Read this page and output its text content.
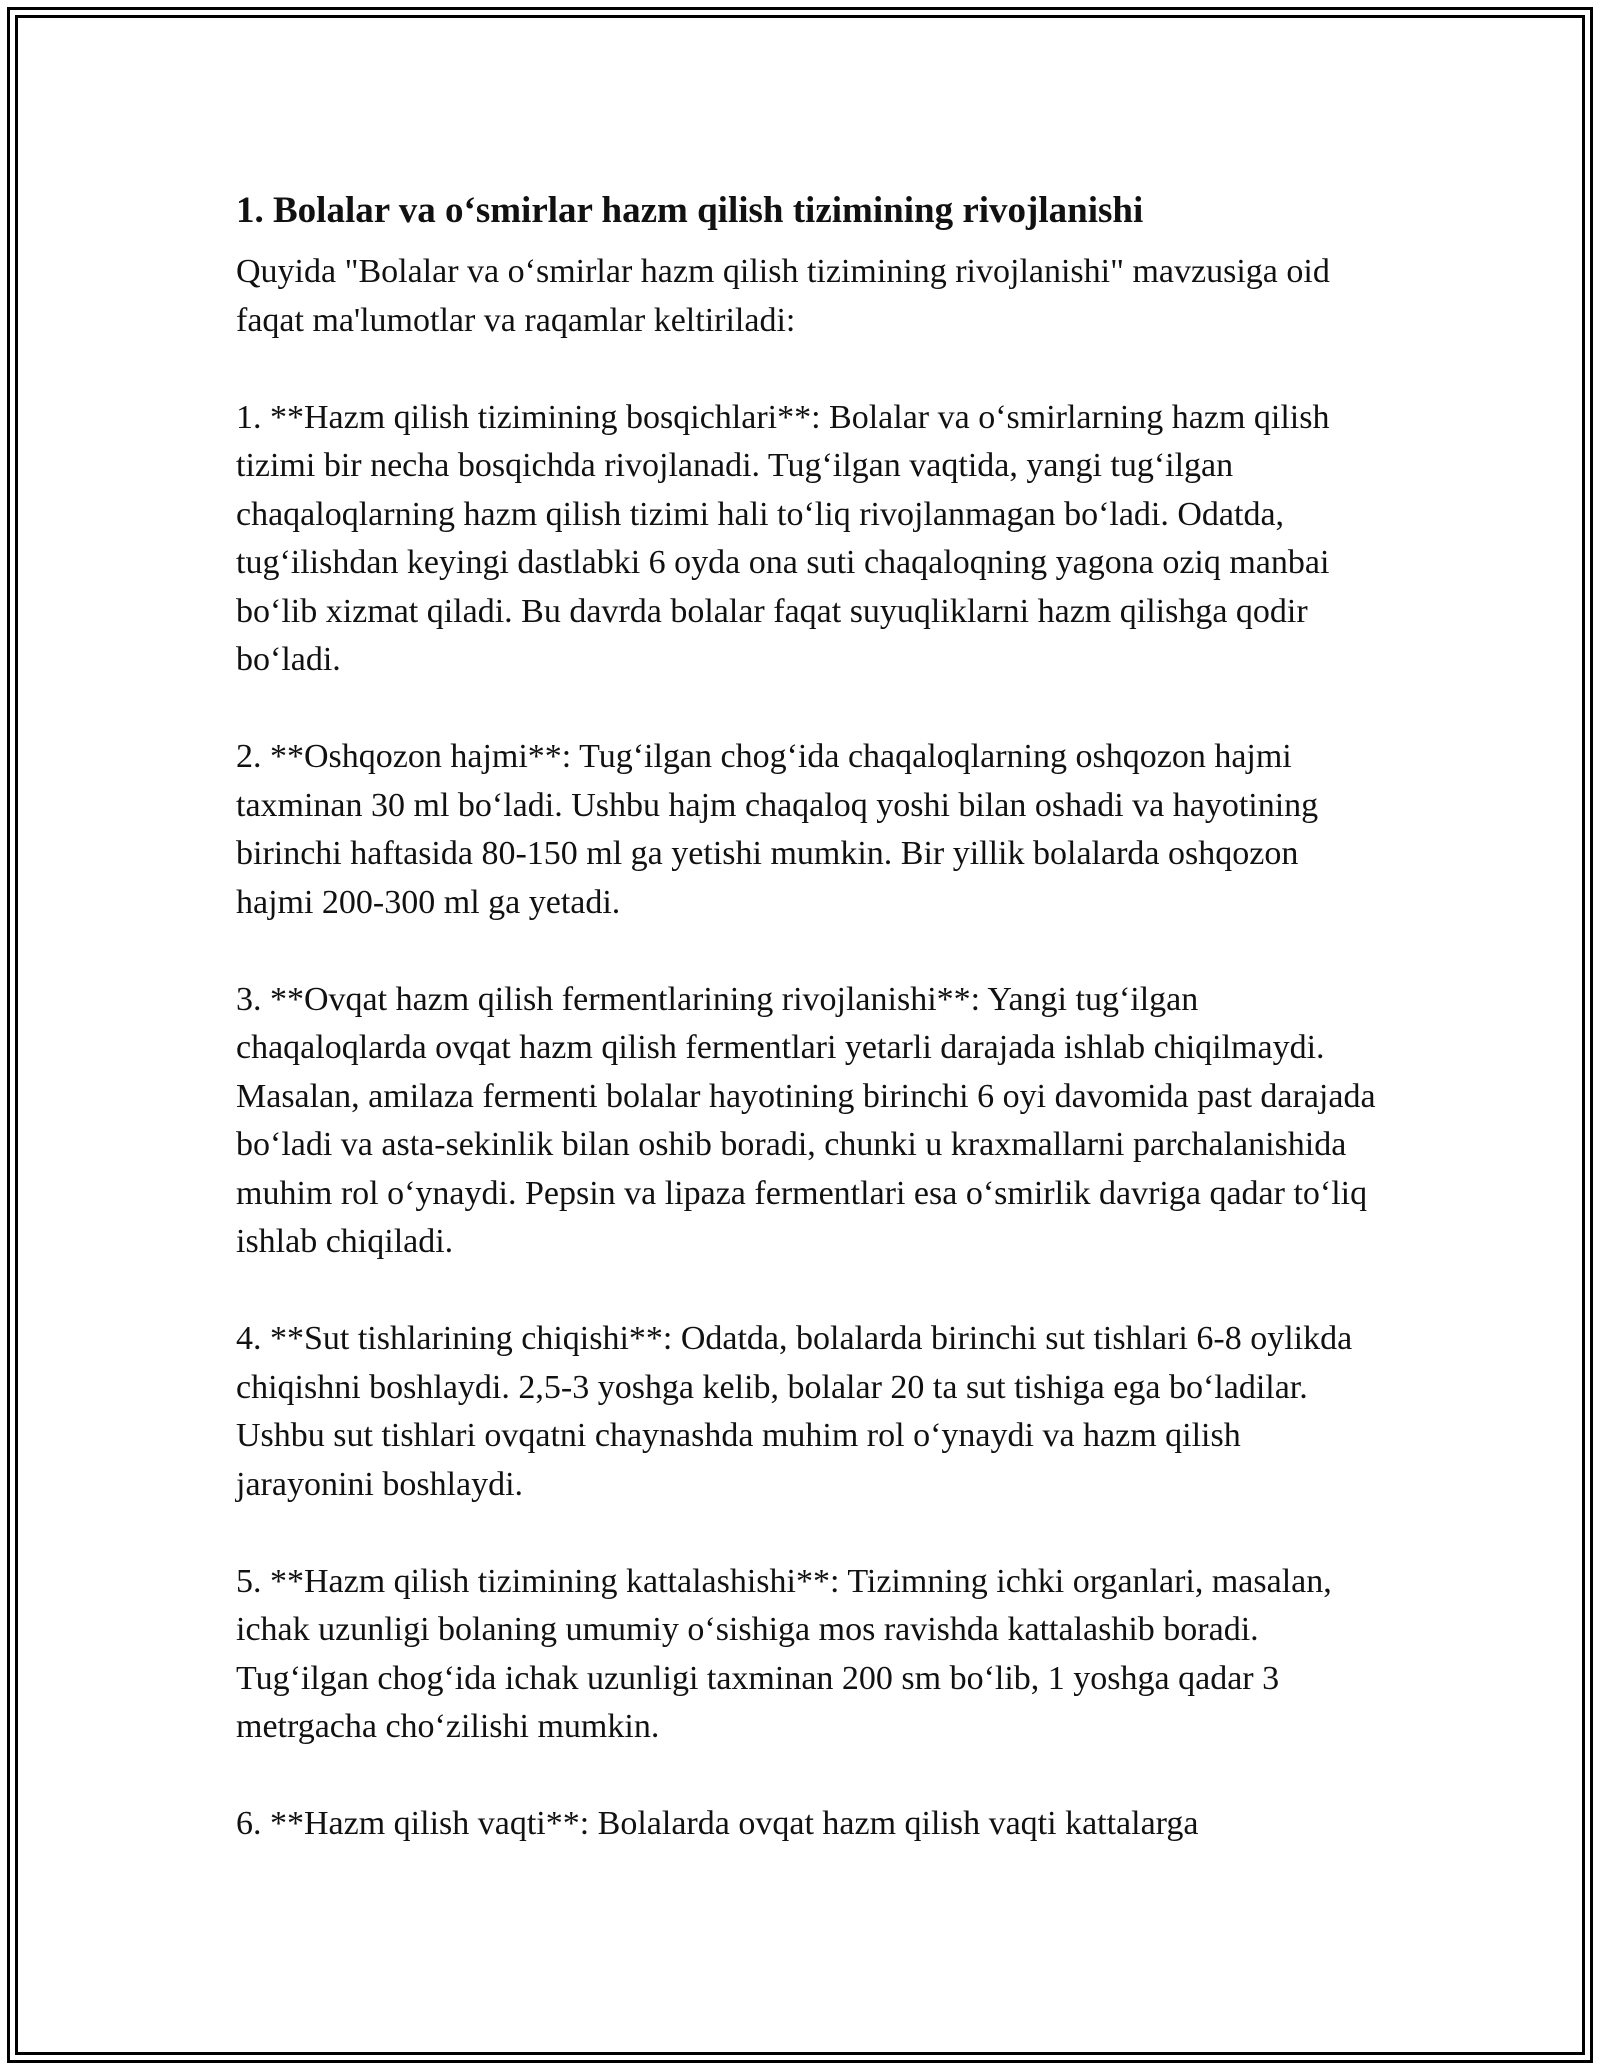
1. Bolalar va o‘smirlar hazm qilish tizimining rivojlanishi

Quyida "Bolalar va o‘smirlar hazm qilish tizimining rivojlanishi" mavzusiga oid faqat ma'lumotlar va raqamlar keltiriladi:

1. **Hazm qilish tizimining bosqichlari**: Bolalar va o‘smirlarning hazm qilish tizimi bir necha bosqichda rivojlanadi. Tug‘ilgan vaqtida, yangi tug‘ilgan chaqaloqlarning hazm qilish tizimi hali to‘liq rivojlanmagan bo‘ladi. Odatda, tug‘ilishdan keyingi dastlabki 6 oyda ona suti chaqaloqning yagona oziq manbai bo‘lib xizmat qiladi. Bu davrda bolalar faqat suyuqliklarni hazm qilishga qodir bo‘ladi.

2. **Oshqozon hajmi**: Tug‘ilgan chog‘ida chaqaloqlarning oshqozon hajmi taxminan 30 ml bo‘ladi. Ushbu hajm chaqaloq yoshi bilan oshadi va hayotining birinchi haftasida 80-150 ml ga yetishi mumkin. Bir yillik bolalarda oshqozon hajmi 200-300 ml ga yetadi.

3. **Ovqat hazm qilish fermentlarining rivojlanishi**: Yangi tug‘ilgan chaqaloqlarda ovqat hazm qilish fermentlari yetarli darajada ishlab chiqilmaydi. Masalan, amilaza fermenti bolalar hayotining birinchi 6 oyi davomida past darajada bo‘ladi va asta-sekinlik bilan oshib boradi, chunki u kraxmallarni parchalanishida muhim rol o‘ynaydi. Pepsin va lipaza fermentlari esa o‘smirlik davriga qadar to‘liq ishlab chiqiladi.

4. **Sut tishlarining chiqishi**: Odatda, bolalarda birinchi sut tishlari 6-8 oylikda chiqishni boshlaydi. 2,5-3 yoshga kelib, bolalar 20 ta sut tishiga ega bo‘ladilar. Ushbu sut tishlari ovqatni chaynashda muhim rol o‘ynaydi va hazm qilish jarayonini boshlaydi.

5. **Hazm qilish tizimining kattalashishi**: Tizimning ichki organlari, masalan, ichak uzunligi bolaning umumiy o‘sishiga mos ravishda kattalashib boradi. Tug‘ilgan chog‘ida ichak uzunligi taxminan 200 sm bo‘lib, 1 yoshga qadar 3 metrgacha cho‘zilishi mumkin.

6. **Hazm qilish vaqti**: Bolalarda ovqat hazm qilish vaqti kattalarga
